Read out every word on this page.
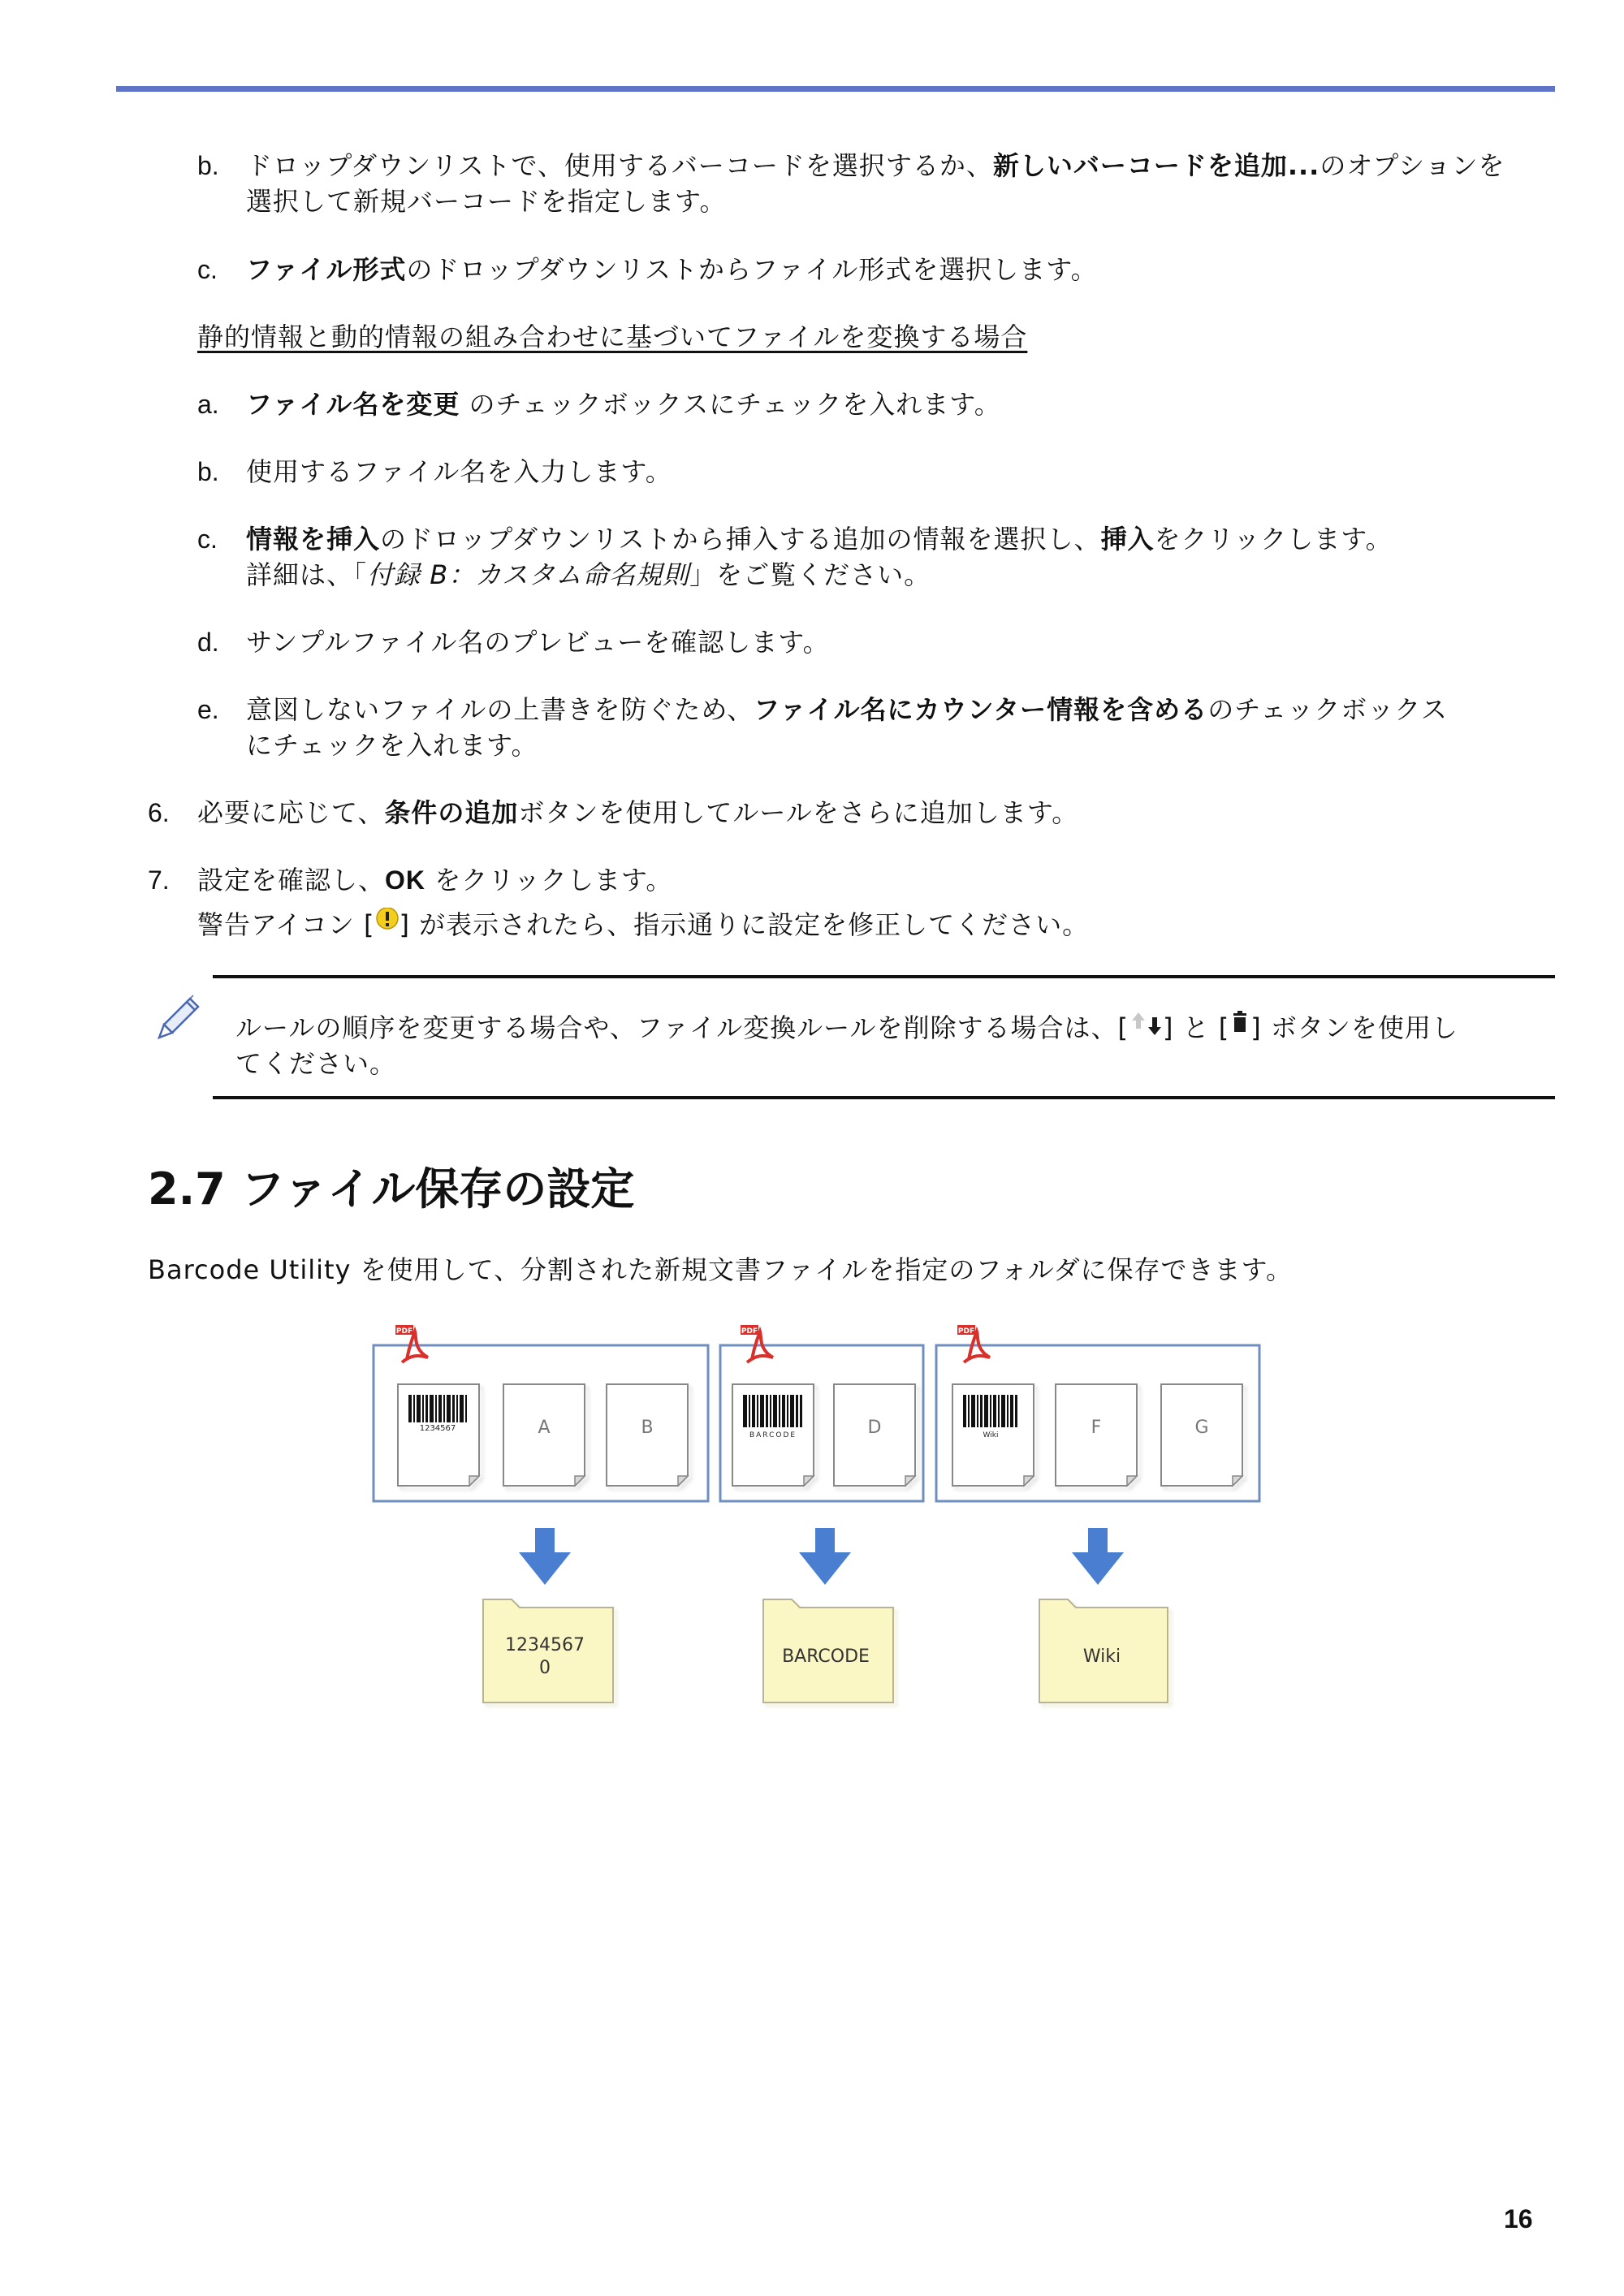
b. ドロップダウンリストで、使用するバーコードを選択するか、新しいバーコードを追加...のオプションを
選択して新規バーコードを指定します。
c. ファイル形式のドロップダウンリストからファイル形式を選択します。
静的情報と動的情報の組み合わせに基づいてファイルを変換する場合
a. ファイル名を変更 のチェックボックスにチェックを入れます。
b. 使用するファイル名を入力します。
c. 情報を挿入のドロップダウンリストから挿入する追加の情報を選択し、挿入をクリックします。
詳細は、「付録 B：カスタム命名規則」をご覧ください。
d. サンプルファイル名のプレビューを確認します。
e. 意図しないファイルの上書きを防ぐため、ファイル名にカウンター情報を含めるのチェックボックス
にチェックを入れます。
6. 必要に応じて、条件の追加ボタンを使用してルールをさらに追加します。
7. 設定を確認し、OK をクリックします。
警告アイコン [ ] が表示されたら、指示通りに設定を修正してください。
ルールの順序を変更する場合や、ファイル変換ルールを削除する場合は、[ ] と [ ] ボタンを使用し
てください。
2.7 ファイル保存の設定
Barcode Utility を使用して、分割された新規文書ファイルを指定のフォルダに保存できます。
PDF	PDF	PDF
1234567	A	B	BARCODE	D	Wiki	F	G
1234567
0
BARCODE	Wiki
16
